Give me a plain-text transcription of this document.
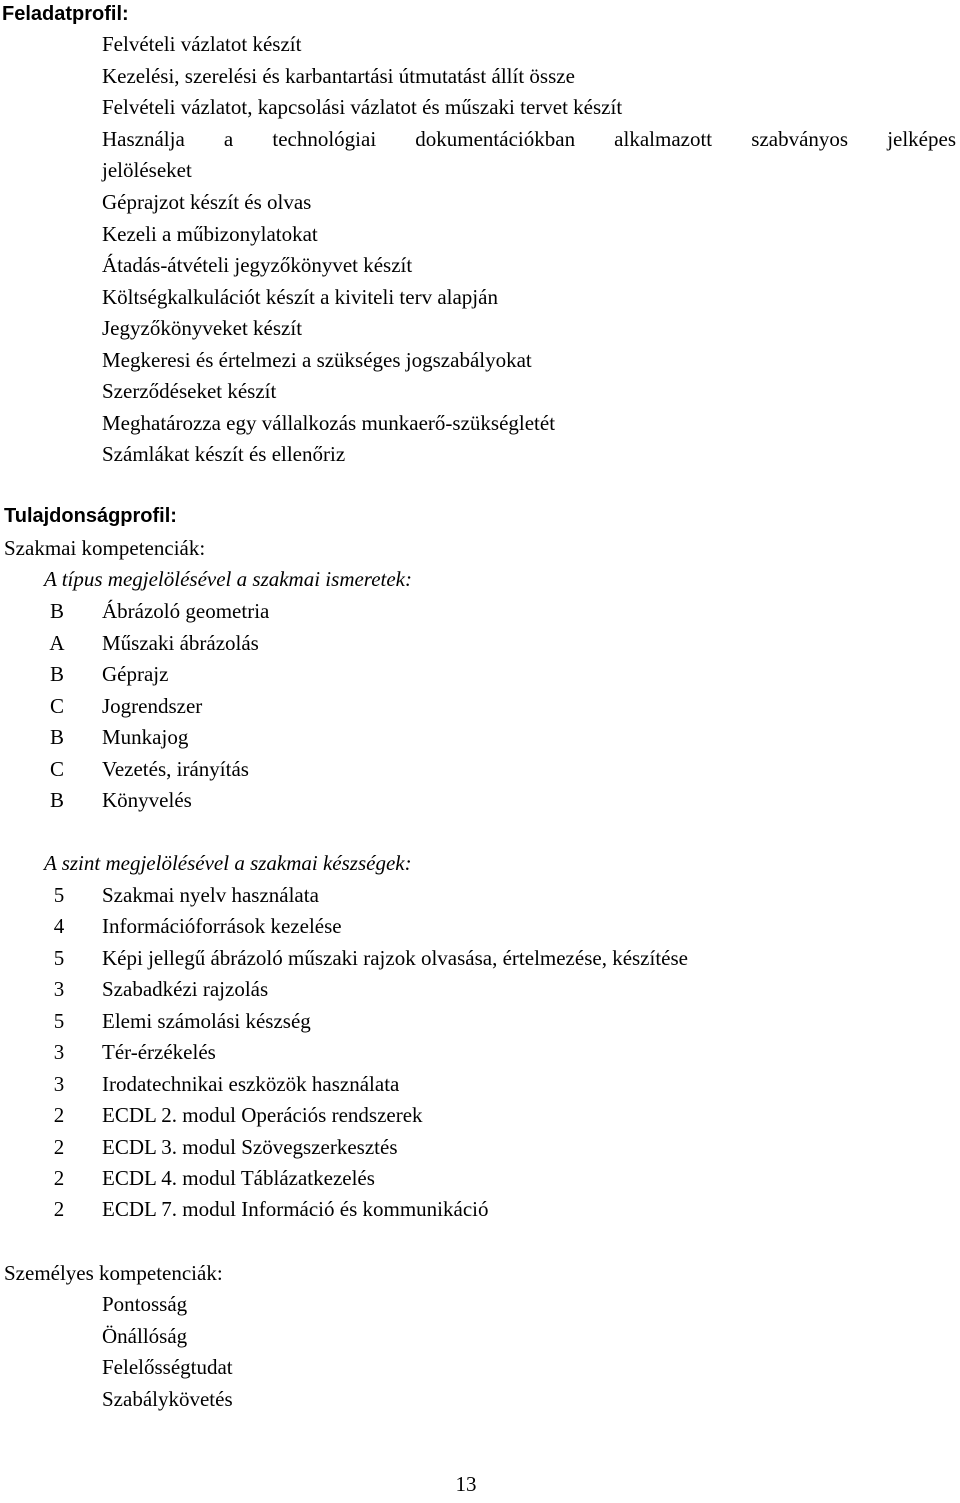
Feladatprofil:
Felvételi vázlatot készít
Kezelési, szerelési és karbantartási útmutatást állít össze
Felvételi vázlatot, kapcsolási vázlatot és műszaki tervet készít
Használja a technológiai dokumentációkban alkalmazott szabványos jelképes
jelöléseket
Géprajzot készít és olvas
Kezeli a műbizonylatokat
Átadás-átvételi jegyzőkönyvet készít
Költségkalkulációt készít a kiviteli terv alapján
Jegyzőkönyveket készít
Megkeresi és értelmezi a szükséges jogszabályokat
Szerződéseket készít
Meghatározza egy vállalkozás munkaerő-szükségletét
Számlákat készít és ellenőriz
Tulajdonságprofil:
Szakmai kompetenciák:
A típus megjelölésével a szakmai ismeretek:
B	Ábrázoló geometria
A	Műszaki ábrázolás
B	Géprajz
C	Jogrendszer
B	Munkajog
C	Vezetés, irányítás
B	Könyvelés
A szint megjelölésével a szakmai készségek:
5	Szakmai nyelv használata
4	Információforrások kezelése
5	Képi jellegű ábrázoló műszaki rajzok olvasása, értelmezése, készítése
3	Szabadkézi rajzolás
5	Elemi számolási készség
3	Tér-érzékelés
3	Irodatechnikai eszközök használata
2	ECDL 2. modul Operációs rendszerek
2	ECDL 3. modul Szövegszerkesztés
2	ECDL 4. modul Táblázatkezelés
2	ECDL 7. modul Információ és kommunikáció
Személyes kompetenciák:
Pontosság
Önállóság
Felelősségtudat
Szabálykövetés
13
